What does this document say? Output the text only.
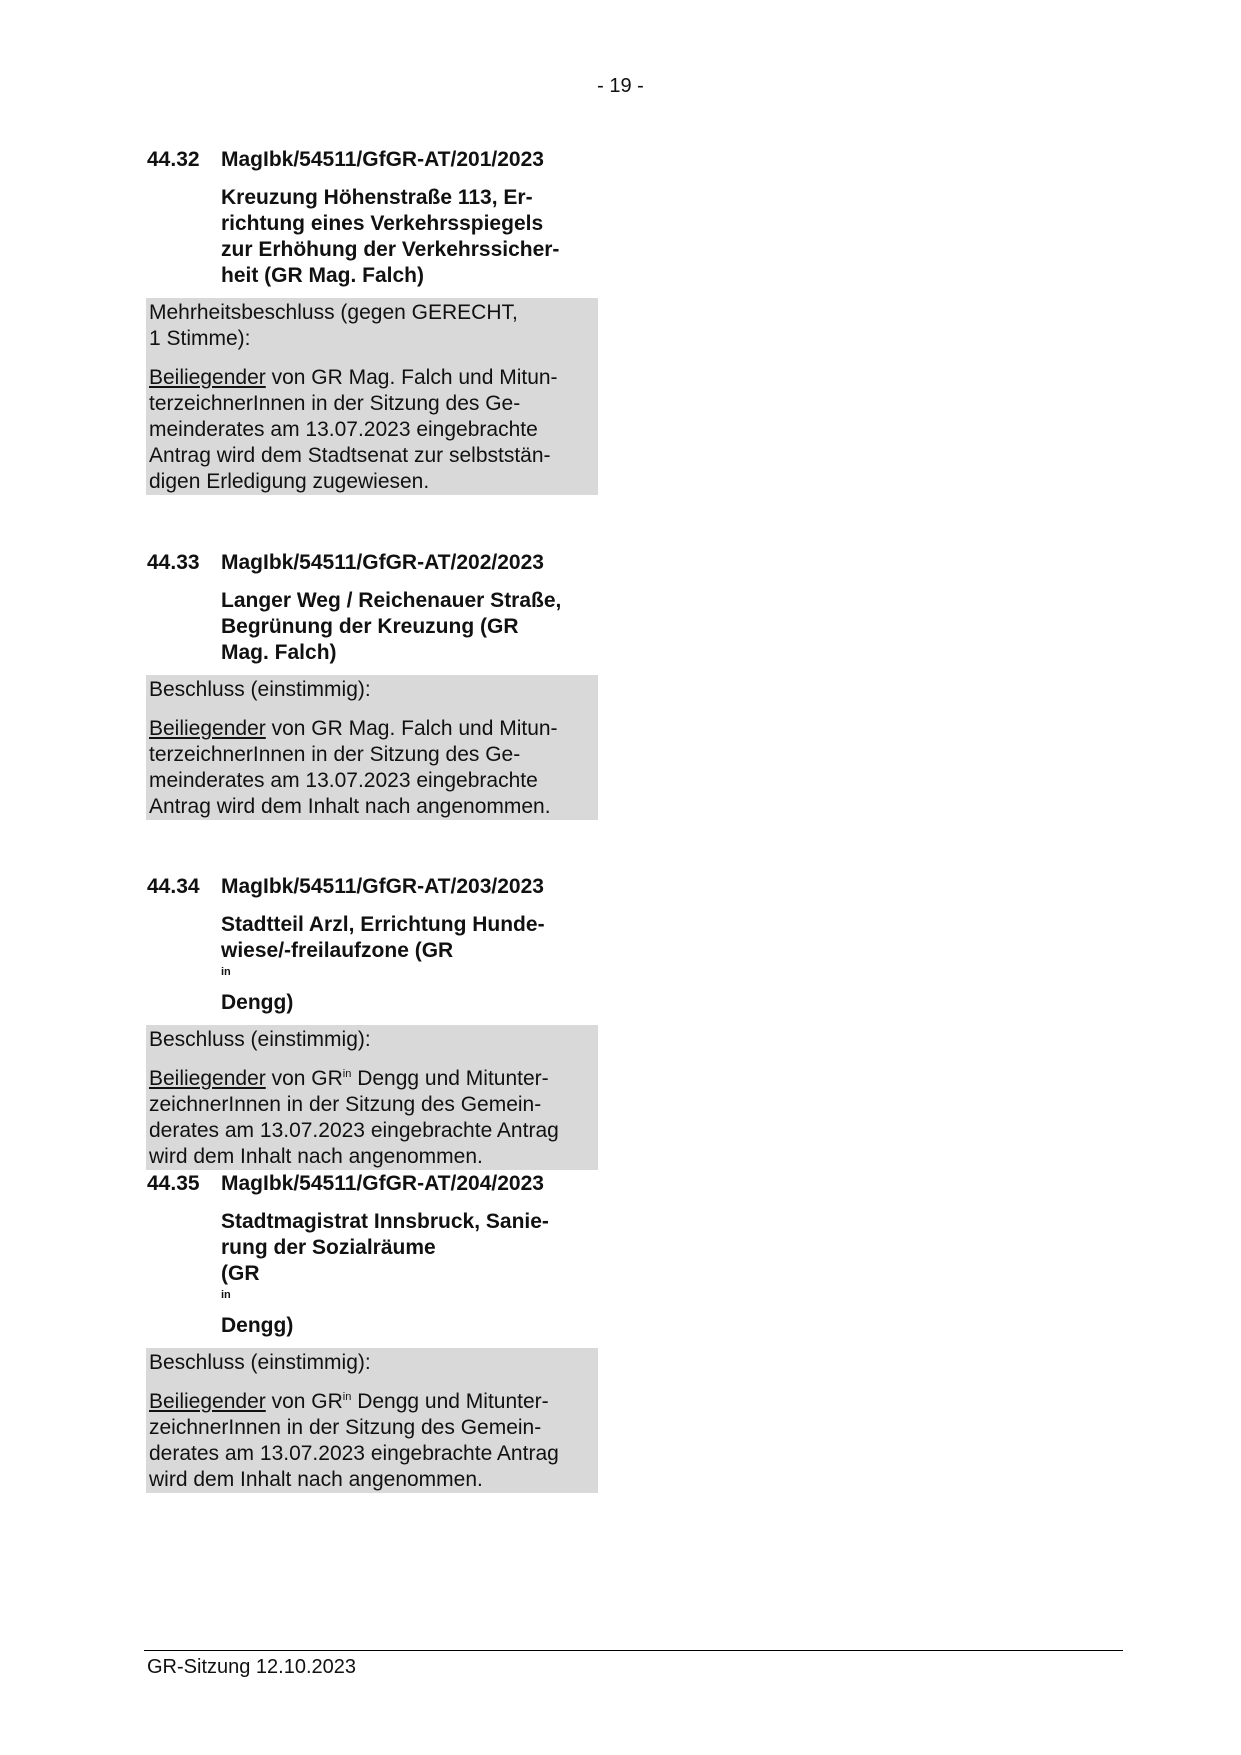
- 19 -
44.32 MagIbk/54511/GfGR-AT/201/2023
Kreuzung Höhenstraße 113, Er-
richtung eines Verkehrsspiegels
zur Erhöhung der Verkehrssicher-
heit (GR Mag. Falch)
Mehrheitsbeschluss (gegen GERECHT,
1 Stimme):
Beiliegender von GR Mag. Falch und Mitun-
terzeichnerInnen in der Sitzung des Ge-
meinderates am 13.07.2023 eingebrachte
Antrag wird dem Stadtsenat zur selbststän-
digen Erledigung zugewiesen.
44.33 MagIbk/54511/GfGR-AT/202/2023
Langer Weg / Reichenauer Straße,
Begrünung der Kreuzung (GR
Mag. Falch)
Beschluss (einstimmig):
Beiliegender von GR Mag. Falch und Mitun-
terzeichnerInnen in der Sitzung des Ge-
meinderates am 13.07.2023 eingebrachte
Antrag wird dem Inhalt nach angenommen.
44.34 MagIbk/54511/GfGR-AT/203/2023
Stadtteil Arzl, Errichtung Hunde-
wiese/-freilaufzone (GR
$^{in}$
Dengg)
Beschluss (einstimmig):
Beiliegender von $GR^{in}$ Dengg und Mitunter-
zeichnerInnen in der Sitzung des Gemein-
derates am 13.07.2023 eingebrachte Antrag
wird dem Inhalt nach angenommen.
44.35 MagIbk/54511/GfGR-AT/204/2023
Stadtmagistrat Innsbruck, Sanie-
rung der Sozialräume
(GR
$^{in}$
Dengg)
Beschluss (einstimmig):
Beiliegender von $GR^{in}$ Dengg und Mitunter-
zeichnerInnen in der Sitzung des Gemein-
derates am 13.07.2023 eingebrachte Antrag
wird dem Inhalt nach angenommen.
GR-Sitzung 12.10.2023
